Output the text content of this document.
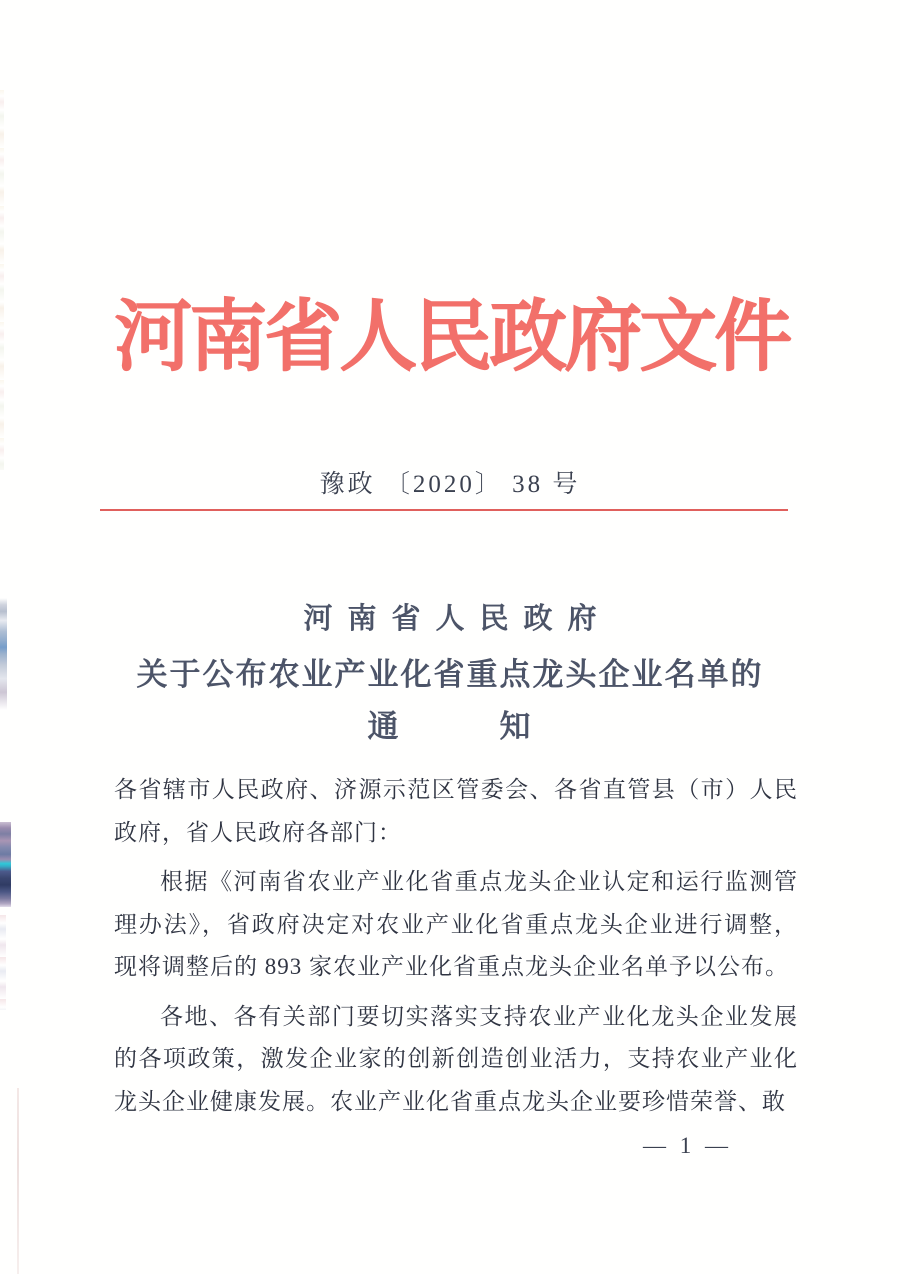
河南省人民政府文件
豫政 〔2020〕 38 号
河南省人民政府
关于公布农业产业化省重点龙头企业名单的
通　　　知

各省辖市人民政府、济源示范区管委会、各省直管县（市）人民政府，省人民政府各部门：

根据《河南省农业产业化省重点龙头企业认定和运行监测管理办法》，省政府决定对农业产业化省重点龙头企业进行调整，现将调整后的 893 家农业产业化省重点龙头企业名单予以公布。

各地、各有关部门要切实落实支持农业产业化龙头企业发展的各项政策，激发企业家的创新创造创业活力，支持农业产业化龙头企业健康发展。农业产业化省重点龙头企业要珍惜荣誉、敢

— 1 —
